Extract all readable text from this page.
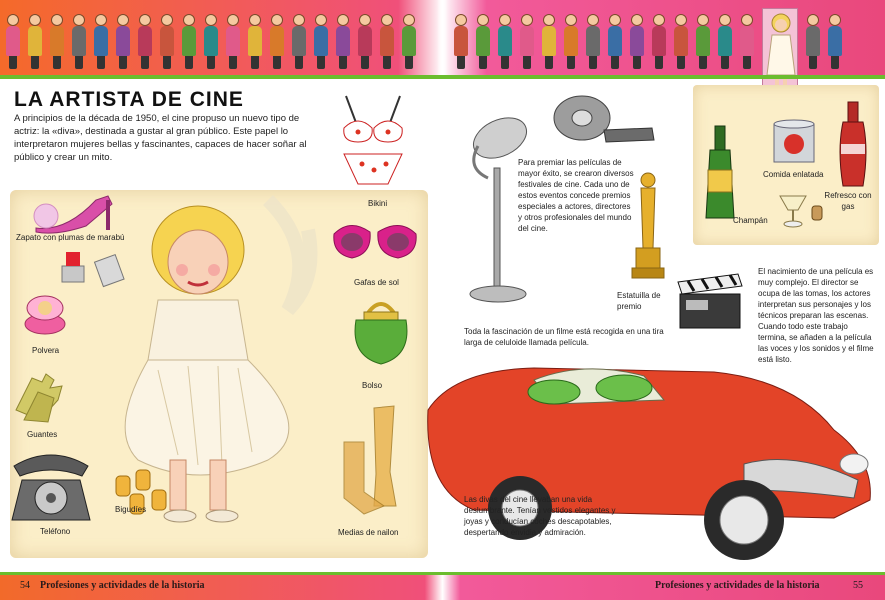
LA ARTISTA DE CINE
A principios de la década de 1950, el cine propuso un nuevo tipo de actriz: la «diva», destinada a gustar al gran público. Este papel lo interpretaron mujeres bellas y fascinantes, capaces de hacer soñar al público y crear un mito.
Zapato con plumas de marabú
Polvera
Guantes
Teléfono
Bigudíes
Bikini
Gafas de sol
Bolso
Medias de nailon
Para premiar las películas de mayor éxito, se crearon diversos festivales de cine. Cada uno de estos eventos concede premios especiales a actores, directores y otros profesionales del mundo del cine.
Estatuilla de premio
Toda la fascinación de un filme está recogida en una tira larga de celuloide llamada película.
El nacimiento de una película es muy complejo. El director se ocupa de las tomas, los actores interpretan sus personajes y los técnicos preparan las escenas. Cuando todo este trabajo termina, se añaden a la película las voces y los sonidos y el filme está listo.
Comida enlatada
Refresco con gas
Champán
Las divas del cine llevaban una vida deslumbrante. Tenían vestidos elegantes y joyas y conducían coches descapotables, despertando envidia y admiración.
54 Profesiones y actividades de la historia	Profesiones y actividades de la historia	55
